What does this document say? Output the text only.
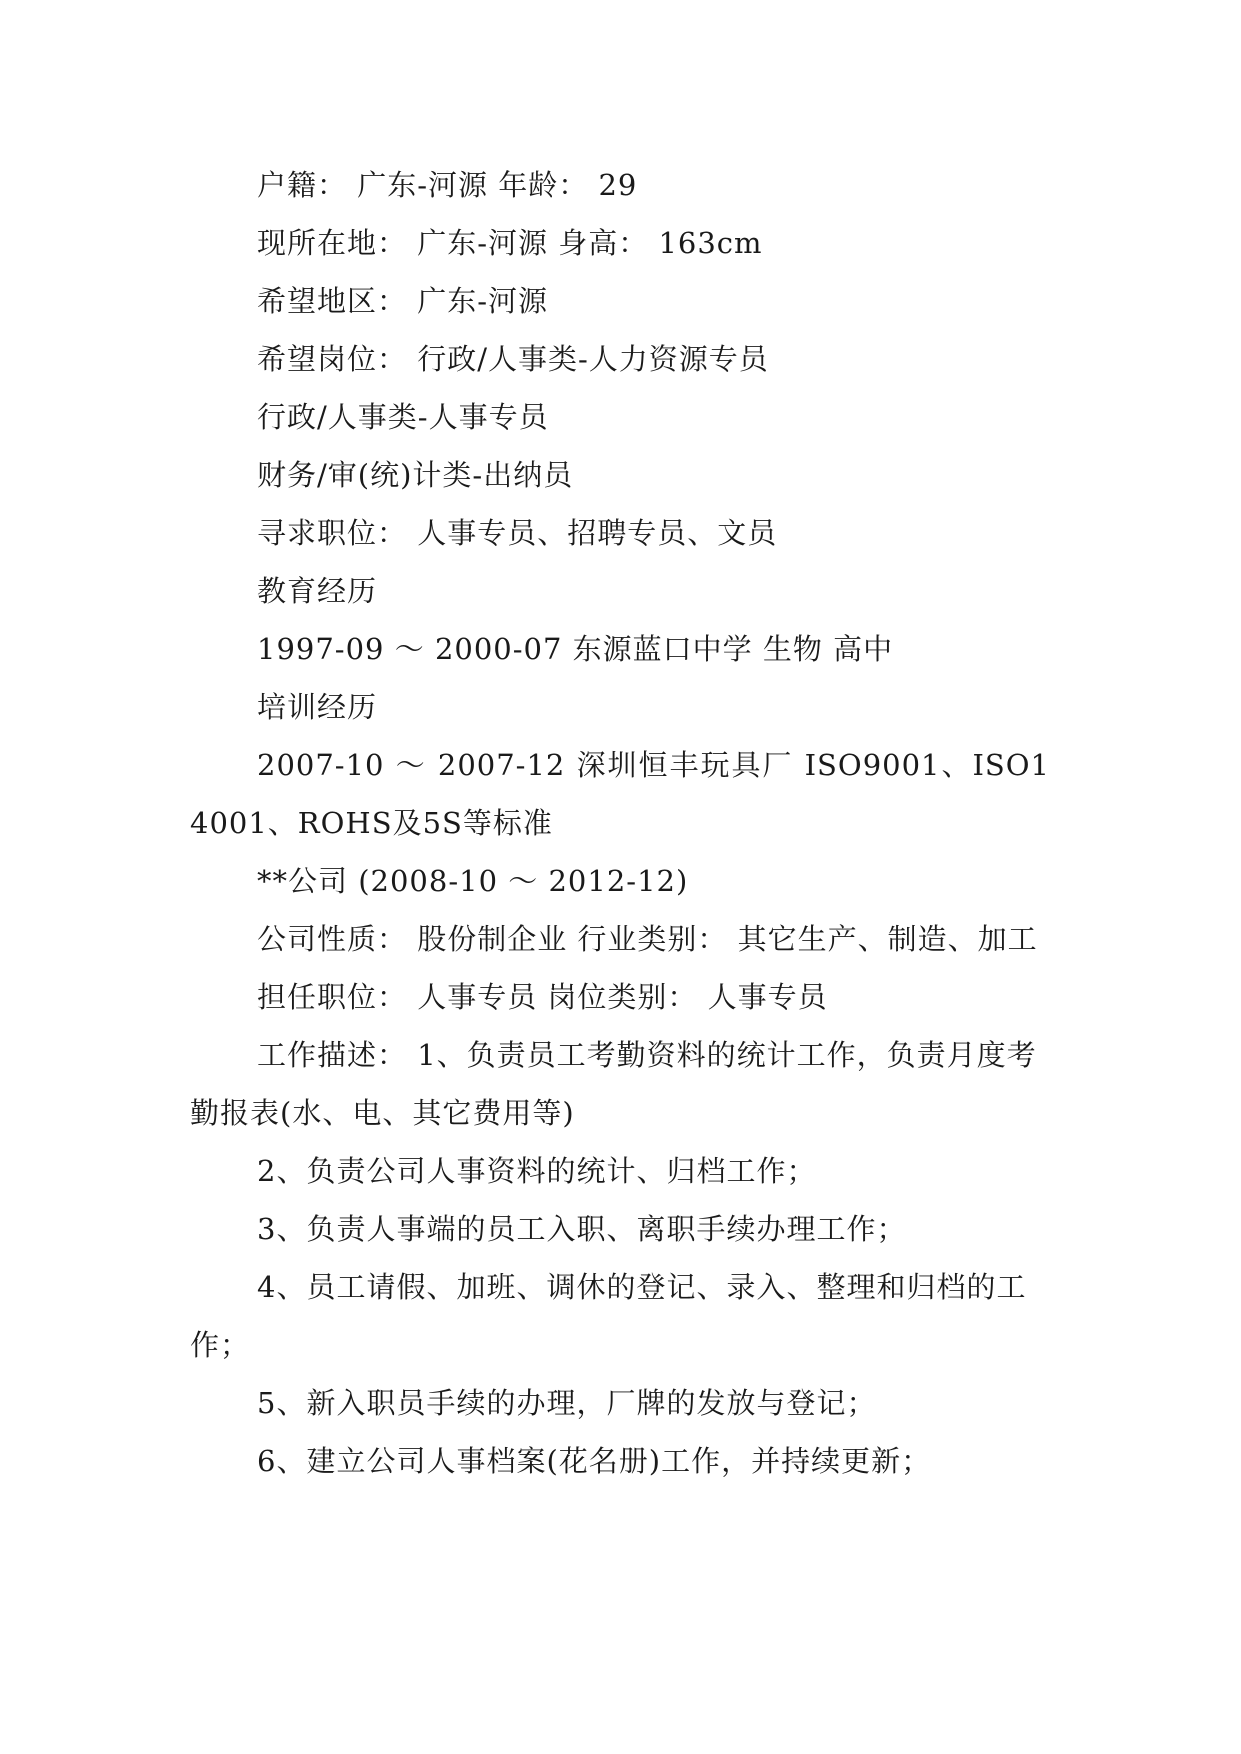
户籍： 广东-河源 年龄： 29

现所在地： 广东-河源 身高： 163cm

希望地区： 广东-河源

希望岗位： 行政/人事类-人力资源专员

行政/人事类-人事专员

财务/审(统)计类-出纳员

寻求职位： 人事专员、招聘专员、文员

教育经历

1997-09 ～ 2000-07 东源蓝口中学 生物 高中

培训经历

2007-10 ～ 2007-12 深圳恒丰玩具厂 ISO9001、ISO14001、ROHS及5S等标准

**公司 (2008-10 ～ 2012-12)

公司性质： 股份制企业 行业类别： 其它生产、制造、加工

担任职位： 人事专员 岗位类别： 人事专员

工作描述： 1、负责员工考勤资料的统计工作，负责月度考勤报表(水、电、其它费用等)

2、负责公司人事资料的统计、归档工作；

3、负责人事端的员工入职、离职手续办理工作；

4、员工请假、加班、调休的登记、录入、整理和归档的工作；

5、新入职员手续的办理，厂牌的发放与登记；

6、建立公司人事档案(花名册)工作，并持续更新；
